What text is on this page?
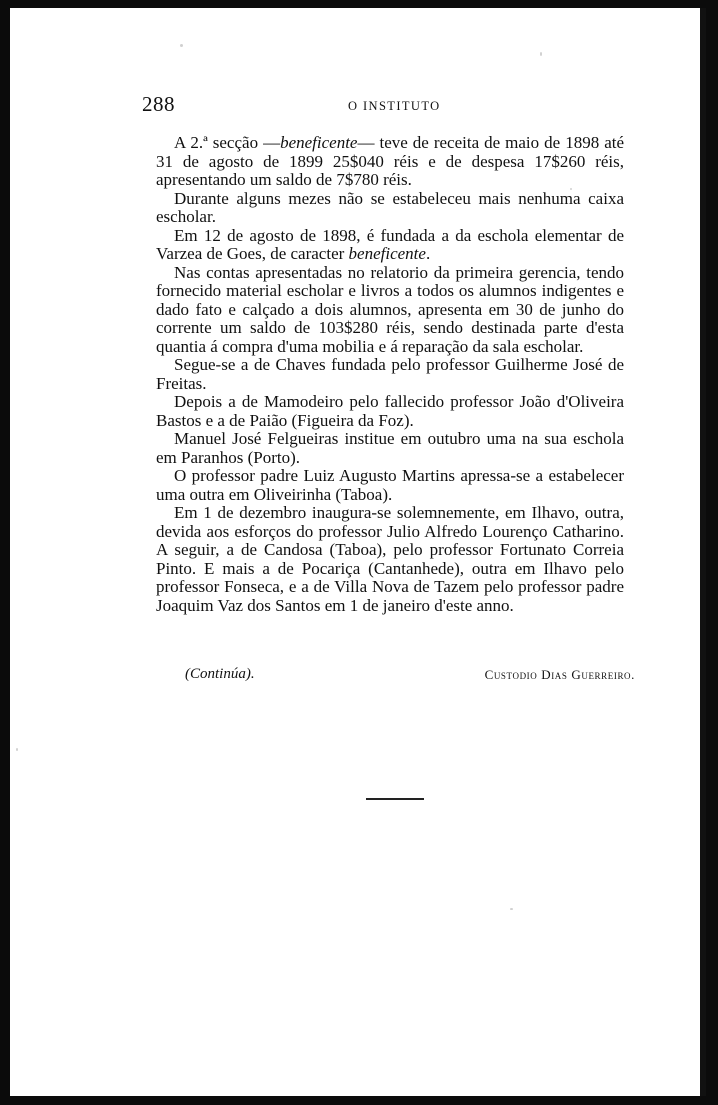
288	O INSTITUTO

A 2.ª secção —beneficente— teve de receita de maio de 1898 até 31 de agosto de 1899 25$040 réis e de despesa 17$260 réis, apresentando um saldo de 7$780 réis.

Durante alguns mezes não se estabeleceu mais nenhuma caixa escholar.

Em 12 de agosto de 1898, é fundada a da eschola elementar de Varzea de Goes, de caracter beneficente.

Nas contas apresentadas no relatorio da primeira gerencia, tendo fornecido material escholar e livros a todos os alumnos indigentes e dado fato e calçado a dois alumnos, apresenta em 30 de junho do corrente um saldo de 103$280 réis, sendo destinada parte d'esta quantia á compra d'uma mobilia e á reparação da sala escholar.

Segue-se a de Chaves fundada pelo professor Guilherme José de Freitas.

Depois a de Mamodeiro pelo fallecido professor João d'Oliveira Bastos e a de Paião (Figueira da Foz).

Manuel José Felgueiras institue em outubro uma na sua eschola em Paranhos (Porto).

O professor padre Luiz Augusto Martins apressa-se a estabelecer uma outra em Oliveirinha (Taboa).

Em 1 de dezembro inaugura-se solemnemente, em Ilhavo, outra, devida aos esforços do professor Julio Alfredo Lourenço Catharino. A seguir, a de Candosa (Taboa), pelo professor Fortunato Correia Pinto. E mais a de Pocariça (Cantanhede), outra em Ilhavo pelo professor Fonseca, e a de Villa Nova de Tazem pelo professor padre Joaquim Vaz dos Santos em 1 de janeiro d'este anno.

(Continúa).	Custodio Dias Guerreiro.
